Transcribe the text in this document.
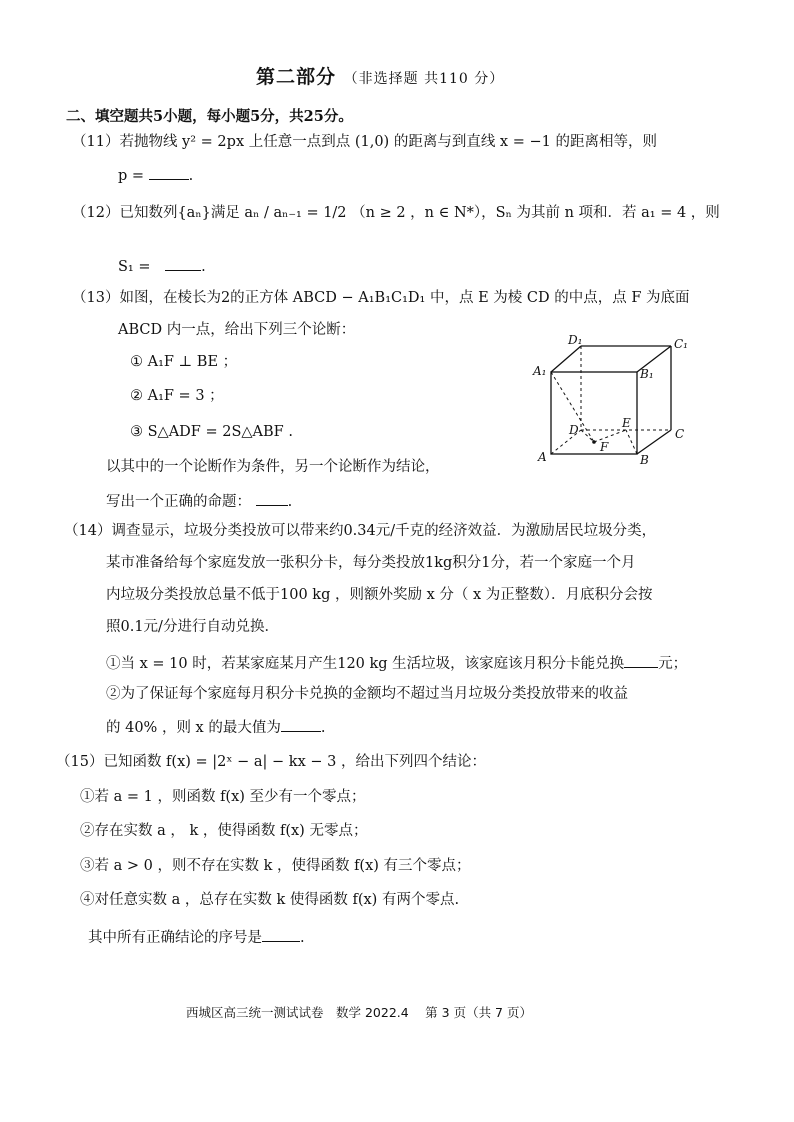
第二部分 （非选择题 共110 分）
二、填空题共5小题，每小题5分，共25分。
（11）若抛物线 y² = 2px 上任意一点到点 (1,0) 的距离与到直线 x = −1 的距离相等，则
p =	.
（12）已知数列{aₙ}满足 aₙ / aₙ₋₁ = 1/2 （n ≥ 2 ，n ∈ N*），Sₙ 为其前 n 项和．若 a₁ = 4 ，则
S₁ =	.
（13）如图，在棱长为2的正方体 ABCD − A₁B₁C₁D₁ 中，点 E 为棱 CD 的中点，点 F 为底面
ABCD 内一点，给出下列三个论断：
① A₁F ⊥ BE ；
② A₁F = 3 ；
③ S△ADF = 2S△ABF .
以其中的一个论断作为条件，另一个论断作为结论，
写出一个正确的命题：	.
D₁	C₁
A₁	B₁
D	E
C
F
A	B
（14）调查显示，垃圾分类投放可以带来约0.34元/千克的经济效益．为激励居民垃圾分类，
某市准备给每个家庭发放一张积分卡，每分类投放1kg积分1分，若一个家庭一个月
内垃圾分类投放总量不低于100 kg ，则额外奖励 x 分（ x 为正整数）．月底积分会按
照0.1元/分进行自动兑换．
①当 x = 10 时，若某家庭某月产生120 kg 生活垃圾，该家庭该月积分卡能兑换 元；
②为了保证每个家庭每月积分卡兑换的金额均不超过当月垃圾分类投放带来的收益
的 40% ，则 x 的最大值为	.
（15）已知函数 f(x) = |2ˣ − a| − kx − 3 ，给出下列四个结论：
①若 a = 1 ，则函数 f(x) 至少有一个零点；
②存在实数 a ， k ，使得函数 f(x) 无零点；
③若 a > 0 ，则不存在实数 k ，使得函数 f(x) 有三个零点；
④对任意实数 a ，总存在实数 k 使得函数 f(x) 有两个零点.
其中所有正确结论的序号是	.
西城区高三统一测试试卷　数学 2022.4　 第 3 页（共 7 页）
